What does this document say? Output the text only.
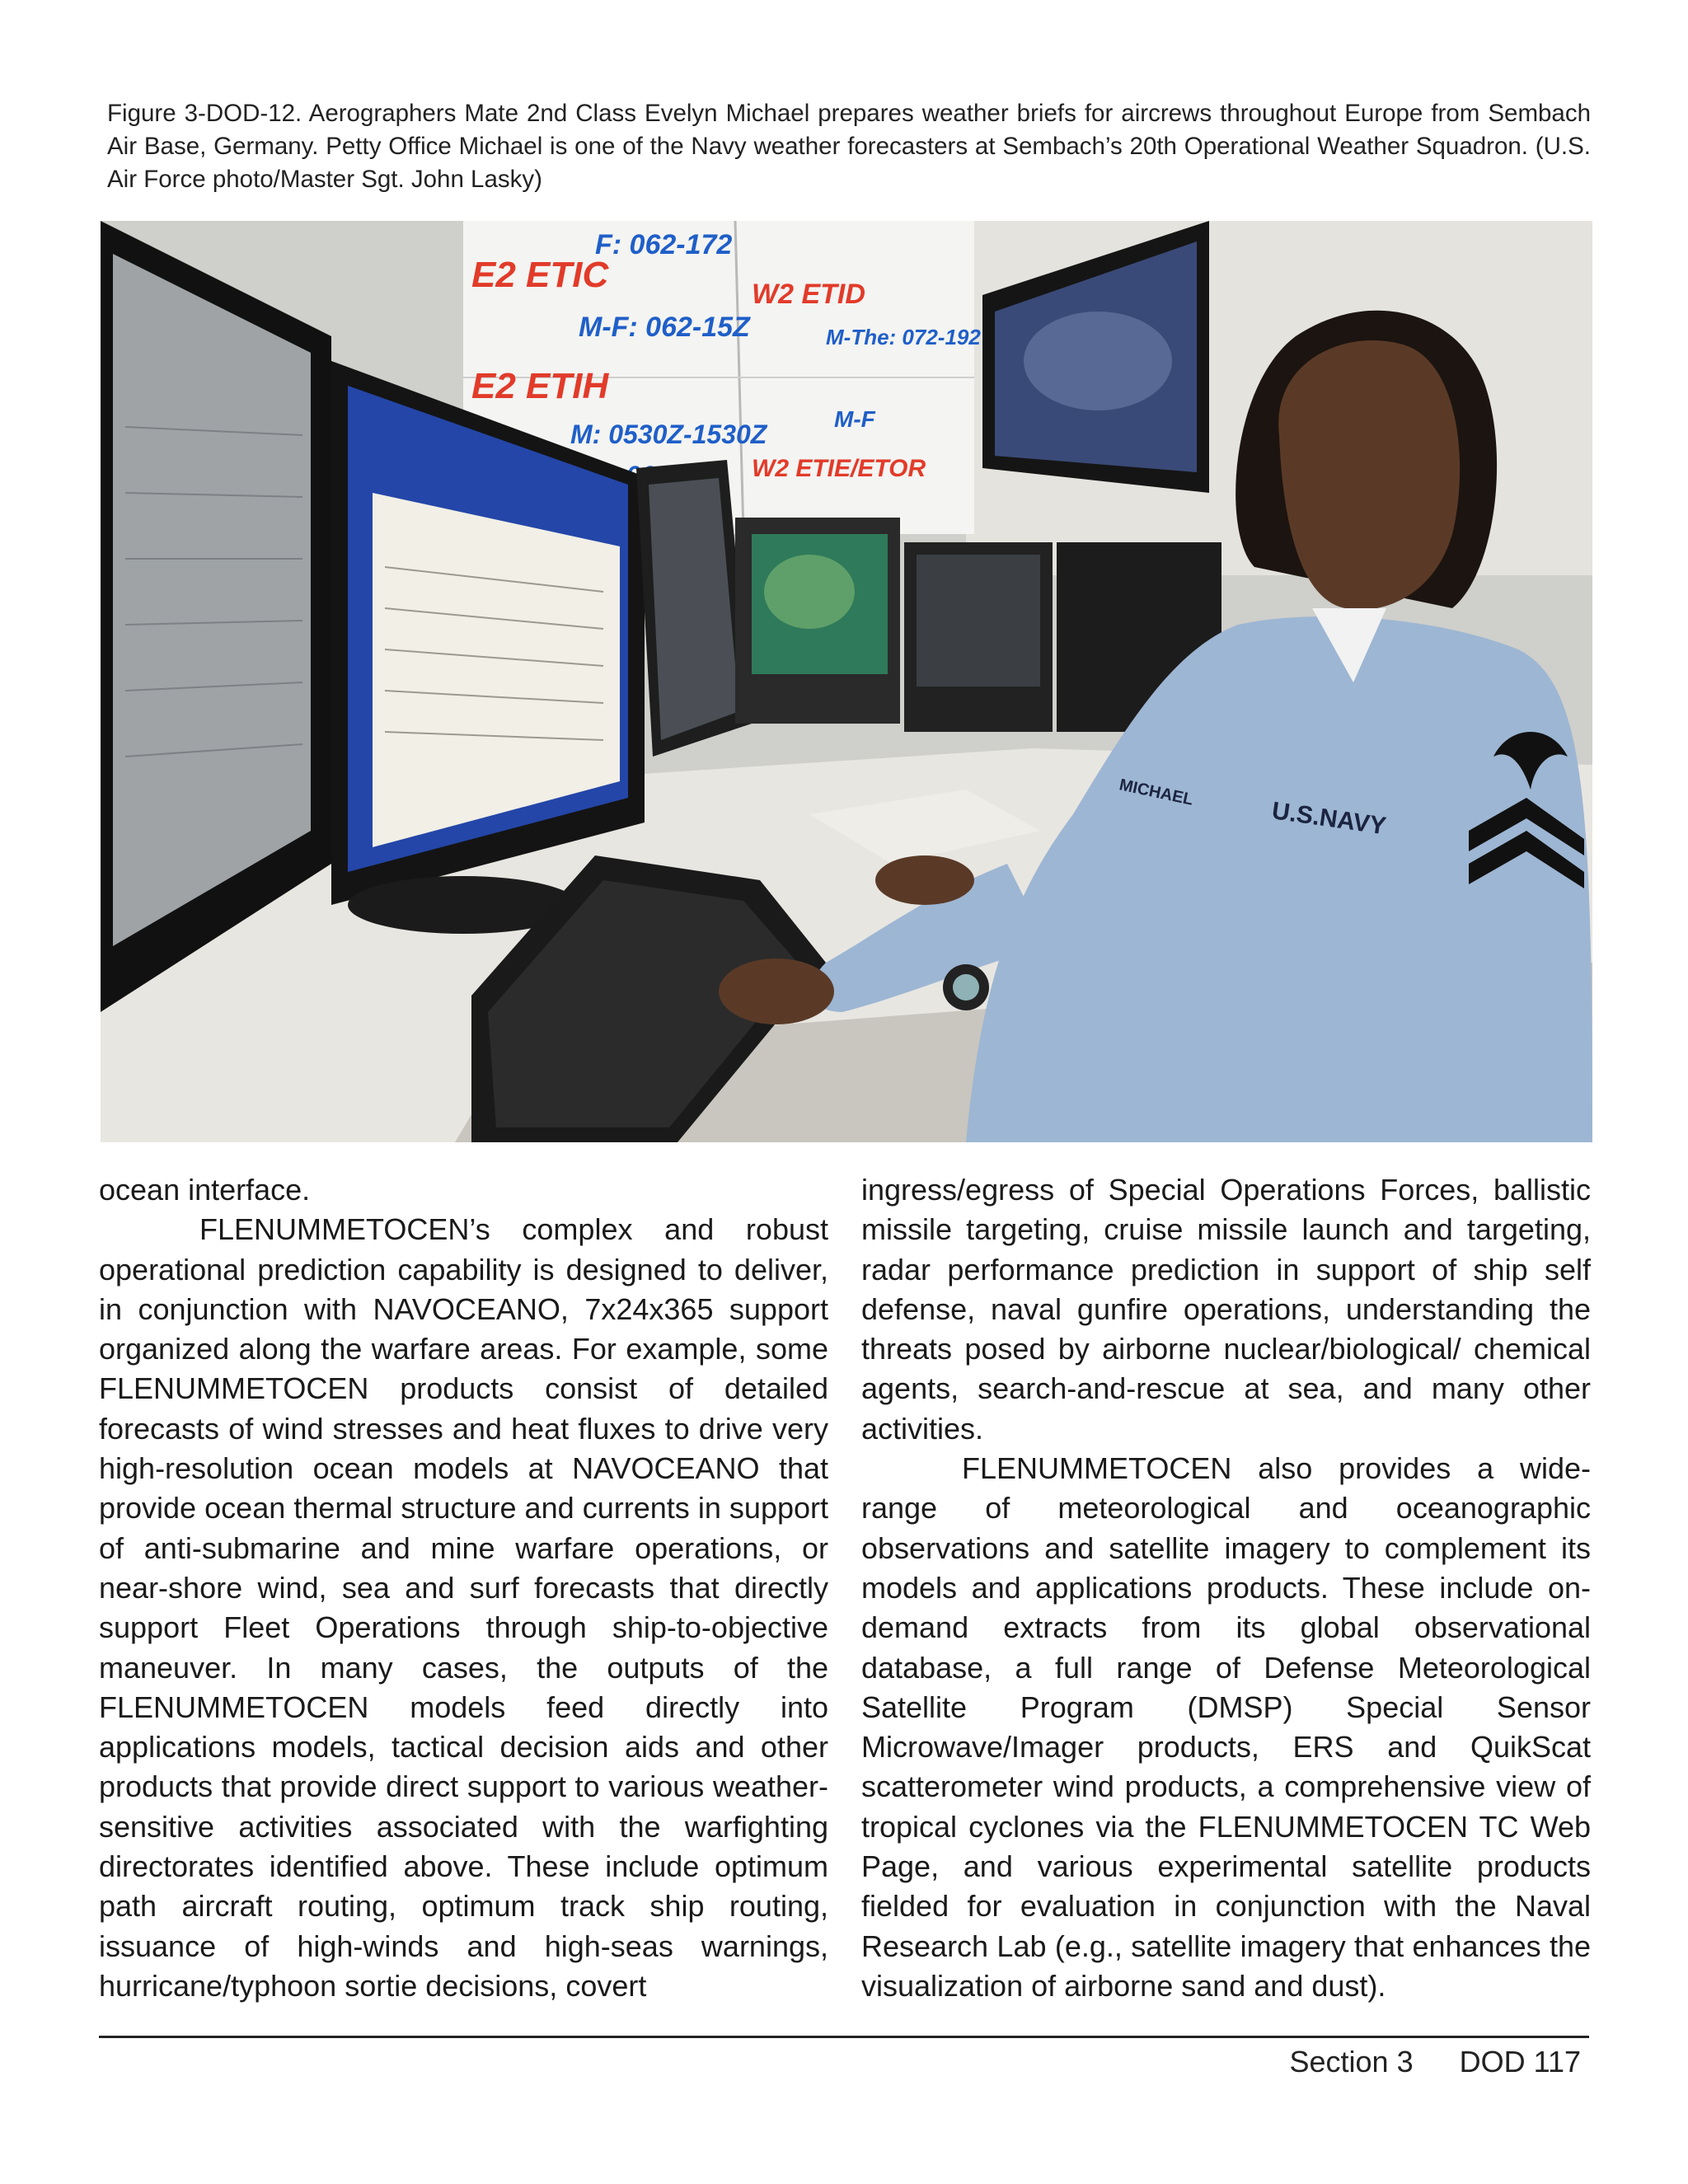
Figure 3-DOD-12. Aerographers Mate 2nd Class Evelyn Michael prepares weather briefs for aircrews throughout Europe from Sembach Air Base, Germany. Petty Office Michael is one of the Navy weather forecasters at Sembach’s 20th Operational Weather Squadron. (U.S. Air Force photo/Master Sgt. John Lasky)
E2 ETIC
M-F: 062-15Z
E2 ETIH
M: 0530Z-1530Z
F: 062-172
W2 ETID
M-The: 072-192
W2 ETIE/ETOR
M-F
U.S.NAVY
MICHAEL

ocean interface.

FLENUMMETOCEN’s complex and robust operational prediction capability is designed to deliver, in conjunction with NAVOCEANO, 7x24x365 support organized along the warfare areas. For example, some FLENUMMETOCEN products consist of detailed forecasts of wind stresses and heat fluxes to drive very high-resolution ocean models at NAVOCEANO that provide ocean thermal structure and currents in support of anti-submarine and mine warfare operations, or near-shore wind, sea and surf forecasts that directly support Fleet Operations through ship-to-objective maneuver. In many cases, the outputs of the FLENUMMETOCEN models feed directly into applications models, tactical decision aids and other products that provide direct support to various weather-sensitive activities associated with the warfighting directorates identified above. These include optimum path aircraft routing, optimum track ship routing, issuance of high-winds and high-seas warnings, hurricane/typhoon sortie decisions, covert

ingress/egress of Special Operations Forces, ballistic missile targeting, cruise missile launch and targeting, radar performance prediction in support of ship self defense, naval gunfire operations, understanding the threats posed by airborne nuclear/biological/ chemical agents, search-and-rescue at sea, and many other activities.

FLENUMMETOCEN also provides a wide-range of meteorological and oceanographic observations and satellite imagery to complement its models and applications products. These include on-demand extracts from its global observational database, a full range of Defense Meteorological Satellite Program (DMSP) Special Sensor Microwave/Imager products, ERS and QuikScat scatterometer wind products, a comprehensive view of tropical cyclones via the FLENUMMETOCEN TC Web Page, and various experimental satellite products fielded for evaluation in conjunction with the Naval Research Lab (e.g., satellite imagery that enhances the visualization of airborne sand and dust).

Section 3 DOD 117
